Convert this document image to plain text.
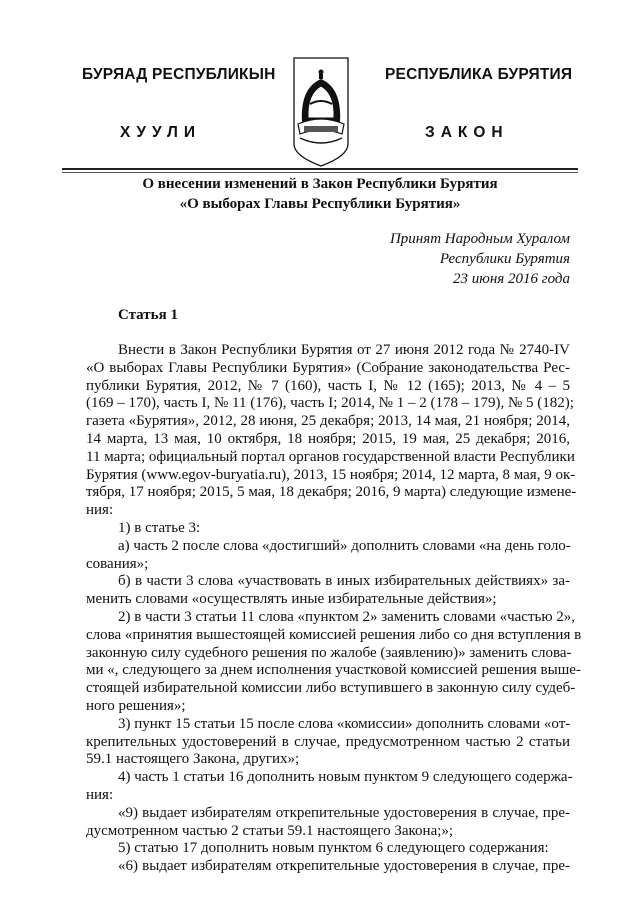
БУРЯАД РЕСПУБЛИКЫН
ХУУЛИ
РЕСПУБЛИКА БУРЯТИЯ
ЗАКОН
О внесении изменений в Закон Республики Бурятия
«О выборах Главы Республики Бурятия»
Принят Народным Хуралом
Республики Бурятия
23 июня 2016 года
Статья 1
Внести в Закон Республики Бурятия от 27 июня 2012 года № 2740-IV
«О выборах Главы Республики Бурятия» (Собрание законодательства Рес-
публики Бурятия, 2012, № 7 (160), часть I, № 12 (165); 2013, № 4 – 5
(169 – 170), часть I, № 11 (176), часть I; 2014, № 1 – 2 (178 – 179), № 5 (182);
газета «Бурятия», 2012, 28 июня, 25 декабря; 2013, 14 мая, 21 ноября; 2014,
14 марта, 13 мая, 10 октября, 18 ноября; 2015, 19 мая, 25 декабря; 2016,
11 марта; официальный портал органов государственной власти Республики
Бурятия (www.egov-buryatia.ru), 2013, 15 ноября; 2014, 12 марта, 8 мая, 9 ок-
тября, 17 ноября; 2015, 5 мая, 18 декабря; 2016, 9 марта) следующие измене-
ния:
1) в статье 3:
а) часть 2 после слова «достигший» дополнить словами «на день голо-
сования»;
б) в части 3 слова «участвовать в иных избирательных действиях» за-
менить словами «осуществлять иные избирательные действия»;
2) в части 3 статьи 11 слова «пунктом 2» заменить словами «частью 2»,
слова «принятия вышестоящей комиссией решения либо со дня вступления в
законную силу судебного решения по жалобе (заявлению)» заменить слова-
ми «, следующего за днем исполнения участковой комиссией решения выше-
стоящей избирательной комиссии либо вступившего в законную силу судеб-
ного решения»;
3) пункт 15 статьи 15 после слова «комиссии» дополнить словами «от-
крепительных удостоверений в случае, предусмотренном частью 2 статьи
59.1 настоящего Закона, других»;
4) часть 1 статьи 16 дополнить новым пунктом 9 следующего содержа-
ния:
«9) выдает избирателям открепительные удостоверения в случае, пре-
дусмотренном частью 2 статьи 59.1 настоящего Закона;»;
5) статью 17 дополнить новым пунктом 6 следующего содержания:
«6) выдает избирателям открепительные удостоверения в случае, пре-
